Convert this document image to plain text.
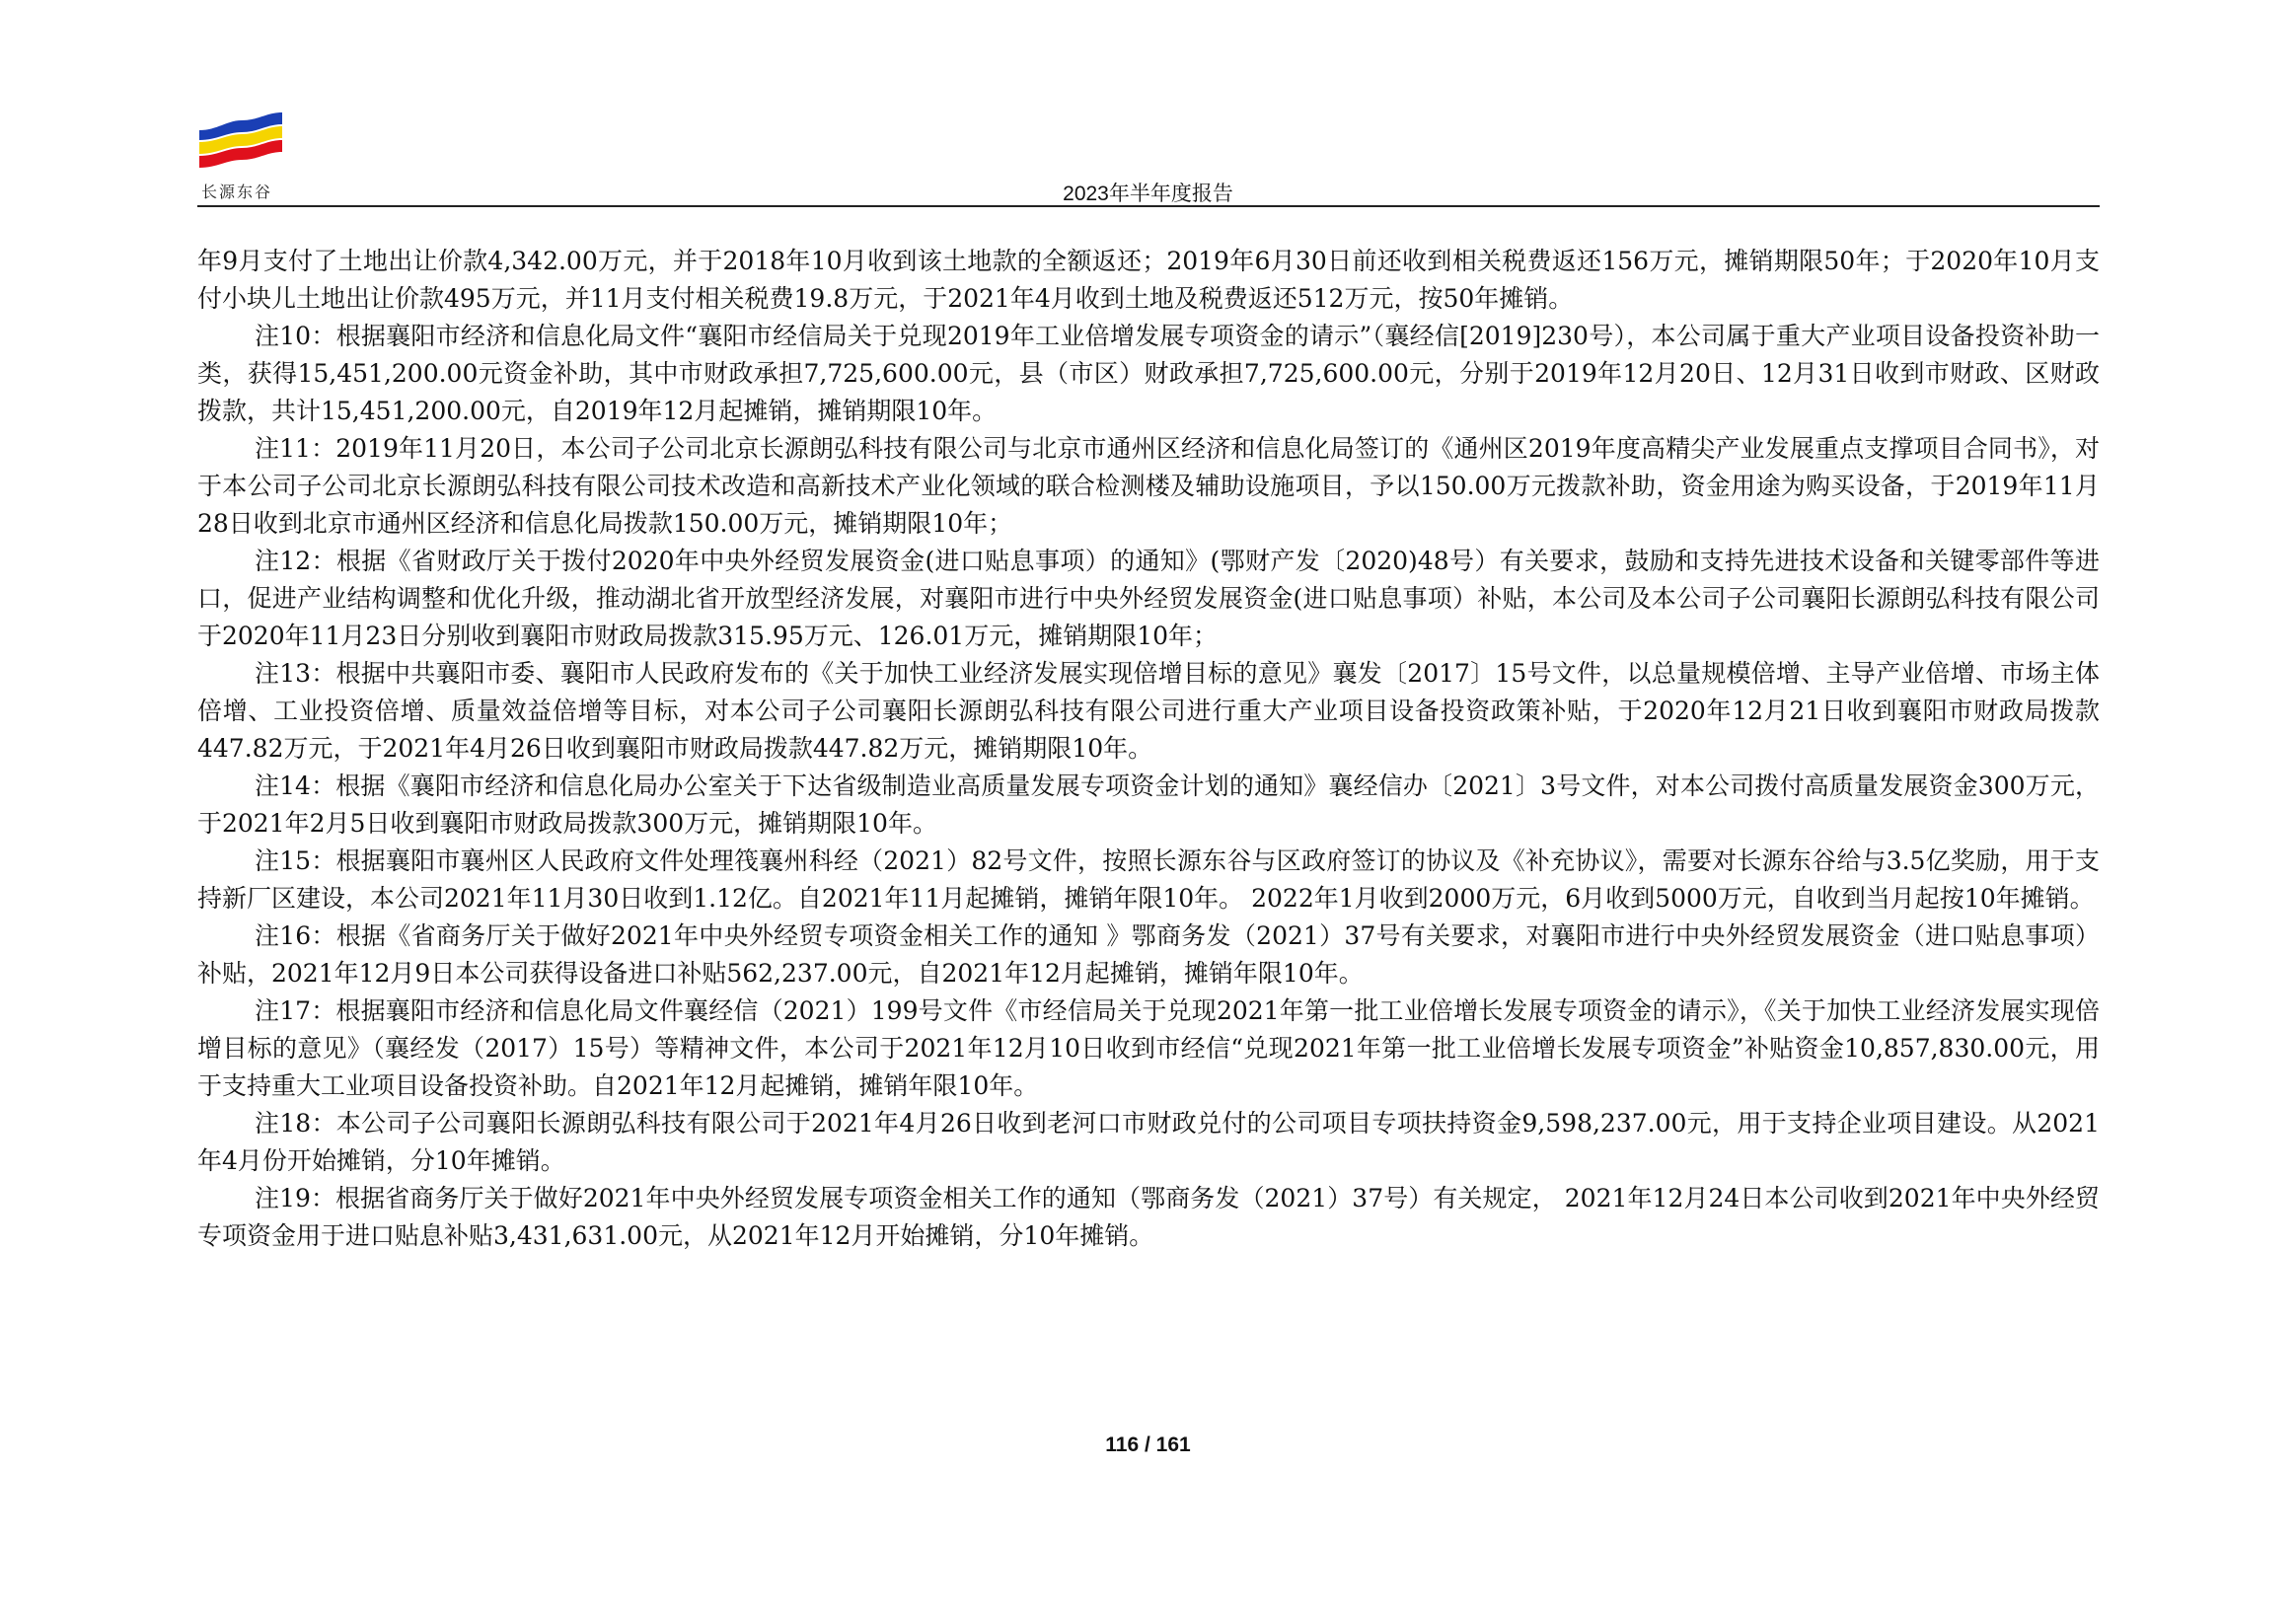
长源东谷	2023年半年度报告

年9月支付了土地出让价款4,342.00万元，并于2018年10月收到该土地款的全额返还；2019年6月30日前还收到相关税费返还156万元，摊销期限50年；于2020年10月支付小块儿土地出让价款495万元，并11月支付相关税费19.8万元，于2021年4月收到土地及税费返还512万元，按50年摊销。

注10：根据襄阳市经济和信息化局文件“襄阳市经信局关于兑现2019年工业倍增发展专项资金的请示”（襄经信[2019]230号），本公司属于重大产业项目设备投资补助一类，获得15,451,200.00元资金补助，其中市财政承担7,725,600.00元，县（市区）财政承担7,725,600.00元，分别于2019年12月20日、12月31日收到市财政、区财政拨款，共计15,451,200.00元，自2019年12月起摊销，摊销期限10年。

注11：2019年11月20日，本公司子公司北京长源朗弘科技有限公司与北京市通州区经济和信息化局签订的《通州区2019年度高精尖产业发展重点支撑项目合同书》，对于本公司子公司北京长源朗弘科技有限公司技术改造和高新技术产业化领域的联合检测楼及辅助设施项目，予以150.00万元拨款补助，资金用途为购买设备，于2019年11月28日收到北京市通州区经济和信息化局拨款150.00万元，摊销期限10年；

注12：根据《省财政厅关于拨付2020年中央外经贸发展资金(进口贴息事项）的通知》(鄂财产发〔2020)48号）有关要求，鼓励和支持先进技术设备和关键零部件等进口，促进产业结构调整和优化升级，推动湖北省开放型经济发展，对襄阳市进行中央外经贸发展资金(进口贴息事项）补贴，本公司及本公司子公司襄阳长源朗弘科技有限公司于2020年11月23日分别收到襄阳市财政局拨款315.95万元、126.01万元，摊销期限10年；

注13：根据中共襄阳市委、襄阳市人民政府发布的《关于加快工业经济发展实现倍增目标的意见》襄发〔2017〕15号文件，以总量规模倍增、主导产业倍增、市场主体倍增、工业投资倍增、质量效益倍增等目标，对本公司子公司襄阳长源朗弘科技有限公司进行重大产业项目设备投资政策补贴，于2020年12月21日收到襄阳市财政局拨款447.82万元，于2021年4月26日收到襄阳市财政局拨款447.82万元，摊销期限10年。

注14：根据《襄阳市经济和信息化局办公室关于下达省级制造业高质量发展专项资金计划的通知》襄经信办〔2021〕3号文件，对本公司拨付高质量发展资金300万元，于2021年2月5日收到襄阳市财政局拨款300万元，摊销期限10年。

注15：根据襄阳市襄州区人民政府文件处理筏襄州科经（2021）82号文件，按照长源东谷与区政府签订的协议及《补充协议》，需要对长源东谷给与3.5亿奖励，用于支持新厂区建设，本公司2021年11月30日收到1.12亿。自2021年11月起摊销，摊销年限10年。 2022年1月收到2000万元，6月收到5000万元，自收到当月起按10年摊销。

注16：根据《省商务厅关于做好2021年中央外经贸专项资金相关工作的通知 》鄂商务发（2021）37号有关要求，对襄阳市进行中央外经贸发展资金（进口贴息事项）补贴，2021年12月9日本公司获得设备进口补贴562,237.00元，自2021年12月起摊销，摊销年限10年。

注17：根据襄阳市经济和信息化局文件襄经信（2021）199号文件《市经信局关于兑现2021年第一批工业倍增长发展专项资金的请示》，《关于加快工业经济发展实现倍增目标的意见》（襄经发（2017）15号）等精神文件，本公司于2021年12月10日收到市经信“兑现2021年第一批工业倍增长发展专项资金”补贴资金10,857,830.00元，用于支持重大工业项目设备投资补助。自2021年12月起摊销，摊销年限10年。

注18：本公司子公司襄阳长源朗弘科技有限公司于2021年4月26日收到老河口市财政兑付的公司项目专项扶持资金9,598,237.00元，用于支持企业项目建设。从2021年4月份开始摊销，分10年摊销。

注19：根据省商务厅关于做好2021年中央外经贸发展专项资金相关工作的通知（鄂商务发（2021）37号）有关规定， 2021年12月24日本公司收到2021年中央外经贸专项资金用于进口贴息补贴3,431,631.00元，从2021年12月开始摊销，分10年摊销。

116 / 161
